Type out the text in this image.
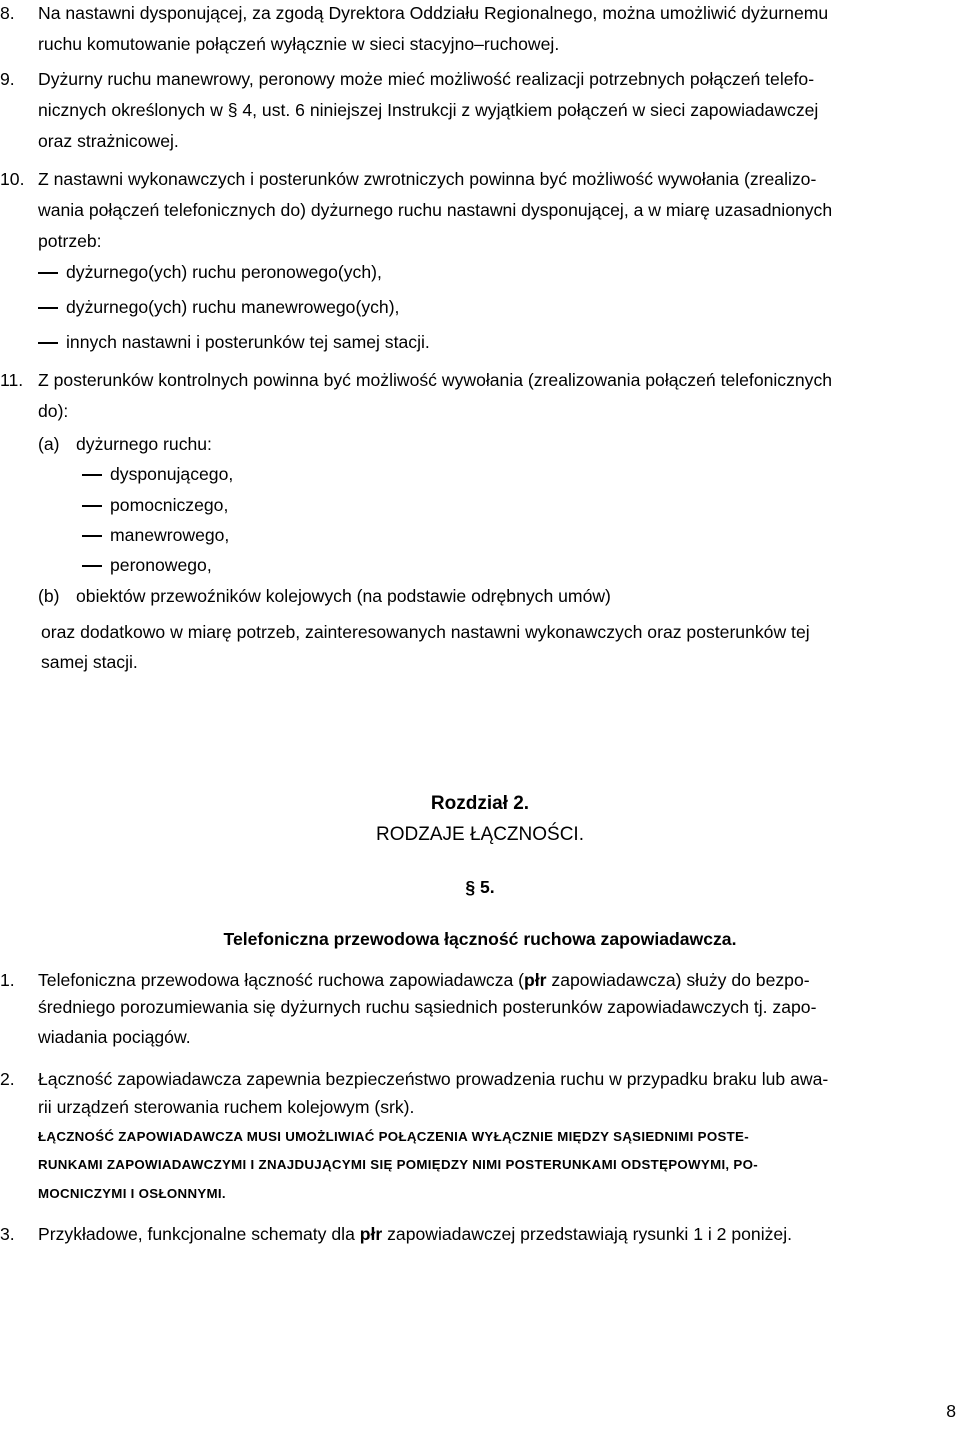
8. Na nastawni dysponującej, za zgodą Dyrektora Oddziału Regionalnego, można umożliwić dyżurnemu
ruchu komutowanie połączeń wyłącznie w sieci stacyjno–ruchowej.
9. Dyżurny ruchu manewrowy, peronowy może mieć możliwość realizacji potrzebnych połączeń telefo-
nicznych określonych w § 4, ust. 6 niniejszej Instrukcji z wyjątkiem połączeń w sieci zapowiadawczej
oraz strażnicowej.
10. Z nastawni wykonawczych i posterunków zwrotniczych powinna być możliwość wywołania (zrealizo-
wania połączeń telefonicznych do) dyżurnego ruchu nastawni dysponującej, a w miarę uzasadnionych
potrzeb:
dyżurnego(ych) ruchu peronowego(ych),
dyżurnego(ych) ruchu manewrowego(ych),
innych nastawni i posterunków tej samej stacji.
11. Z posterunków kontrolnych powinna być możliwość wywołania (zrealizowania połączeń telefonicznych
do):
(a) dyżurnego ruchu:
dysponującego,
pomocniczego,
manewrowego,
peronowego,
(b) obiektów przewoźników kolejowych (na podstawie odrębnych umów)
oraz dodatkowo w miarę potrzeb, zainteresowanych nastawni wykonawczych oraz posterunków tej
samej stacji.
Rozdział 2.
RODZAJE ŁĄCZNOŚCI.
§ 5.
Telefoniczna przewodowa łączność ruchowa zapowiadawcza.
1. Telefoniczna przewodowa łączność ruchowa zapowiadawcza (płr zapowiadawcza) służy do bezpo-
średniego porozumiewania się dyżurnych ruchu sąsiednich posterunków zapowiadawczych tj. zapo-
wiadania pociągów.
2. Łączność zapowiadawcza zapewnia bezpieczeństwo prowadzenia ruchu w przypadku braku lub awa-
rii urządzeń sterowania ruchem kolejowym (srk).
ŁĄCZNOŚĆ ZAPOWIADAWCZA MUSI UMOŻLIWIAĆ POŁĄCZENIA WYŁĄCZNIE MIĘDZY SĄSIEDNIMI POSTE-
RUNKAMI ZAPOWIADAWCZYMI I ZNAJDUJĄCYMI SIĘ POMIĘDZY NIMI POSTERUNKAMI ODSTĘPOWYMI, PO-
MOCNICZYMI I OSŁONNYMI.
3. Przykładowe, funkcjonalne schematy dla płr zapowiadawczej przedstawiają rysunki 1 i 2 poniżej.
8
